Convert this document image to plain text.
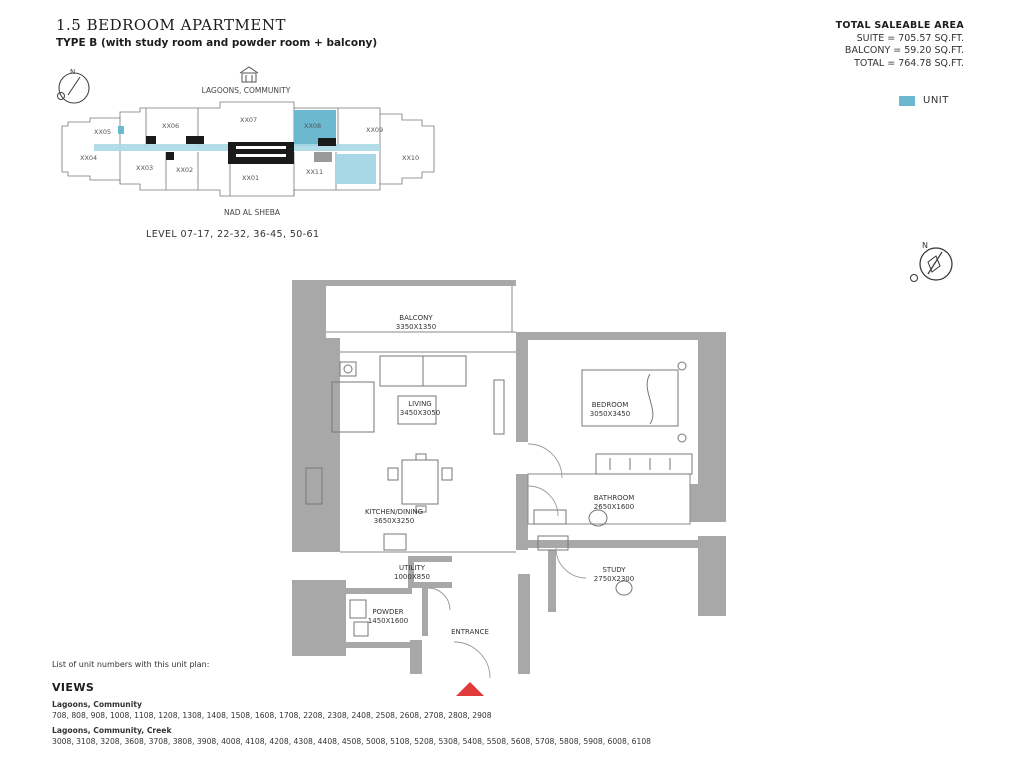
1.5 BEDROOM APARTMENT
TYPE B (with study room and powder room + balcony)
TOTAL SALEABLE AREA
SUITE = 705.57 SQ.FT.
BALCONY = 59.20 SQ.FT.
TOTAL = 764.78 SQ.FT.
UNIT
N
LAGOONS, COMMUNITY
XX05
XX06
XX07
XX08	XX09
XX04
XX03	XX02
XX01
XX11
XX10
NAD AL SHEBA
LEVEL 07-17, 22-32, 36-45, 50-61
N
BALCONY
3350X1350
LIVING
3450X3050
BEDROOM
3050X3450
KITCHEN/DINING
3650X3250
BATHROOM
2650X1600
UTILITY
1000X850
STUDY
2750X2300
POWDER
1450X1600
ENTRANCE
List of unit numbers with this unit plan:
VIEWS
Lagoons, Community
708, 808, 908, 1008, 1108, 1208, 1308, 1408, 1508, 1608, 1708, 2208, 2308, 2408, 2508, 2608, 2708, 2808, 2908
Lagoons, Community, Creek
3008, 3108, 3208, 3608, 3708, 3808, 3908, 4008, 4108, 4208, 4308, 4408, 4508, 5008, 5108, 5208, 5308, 5408, 5508, 5608, 5708, 5808, 5908, 6008, 6108
